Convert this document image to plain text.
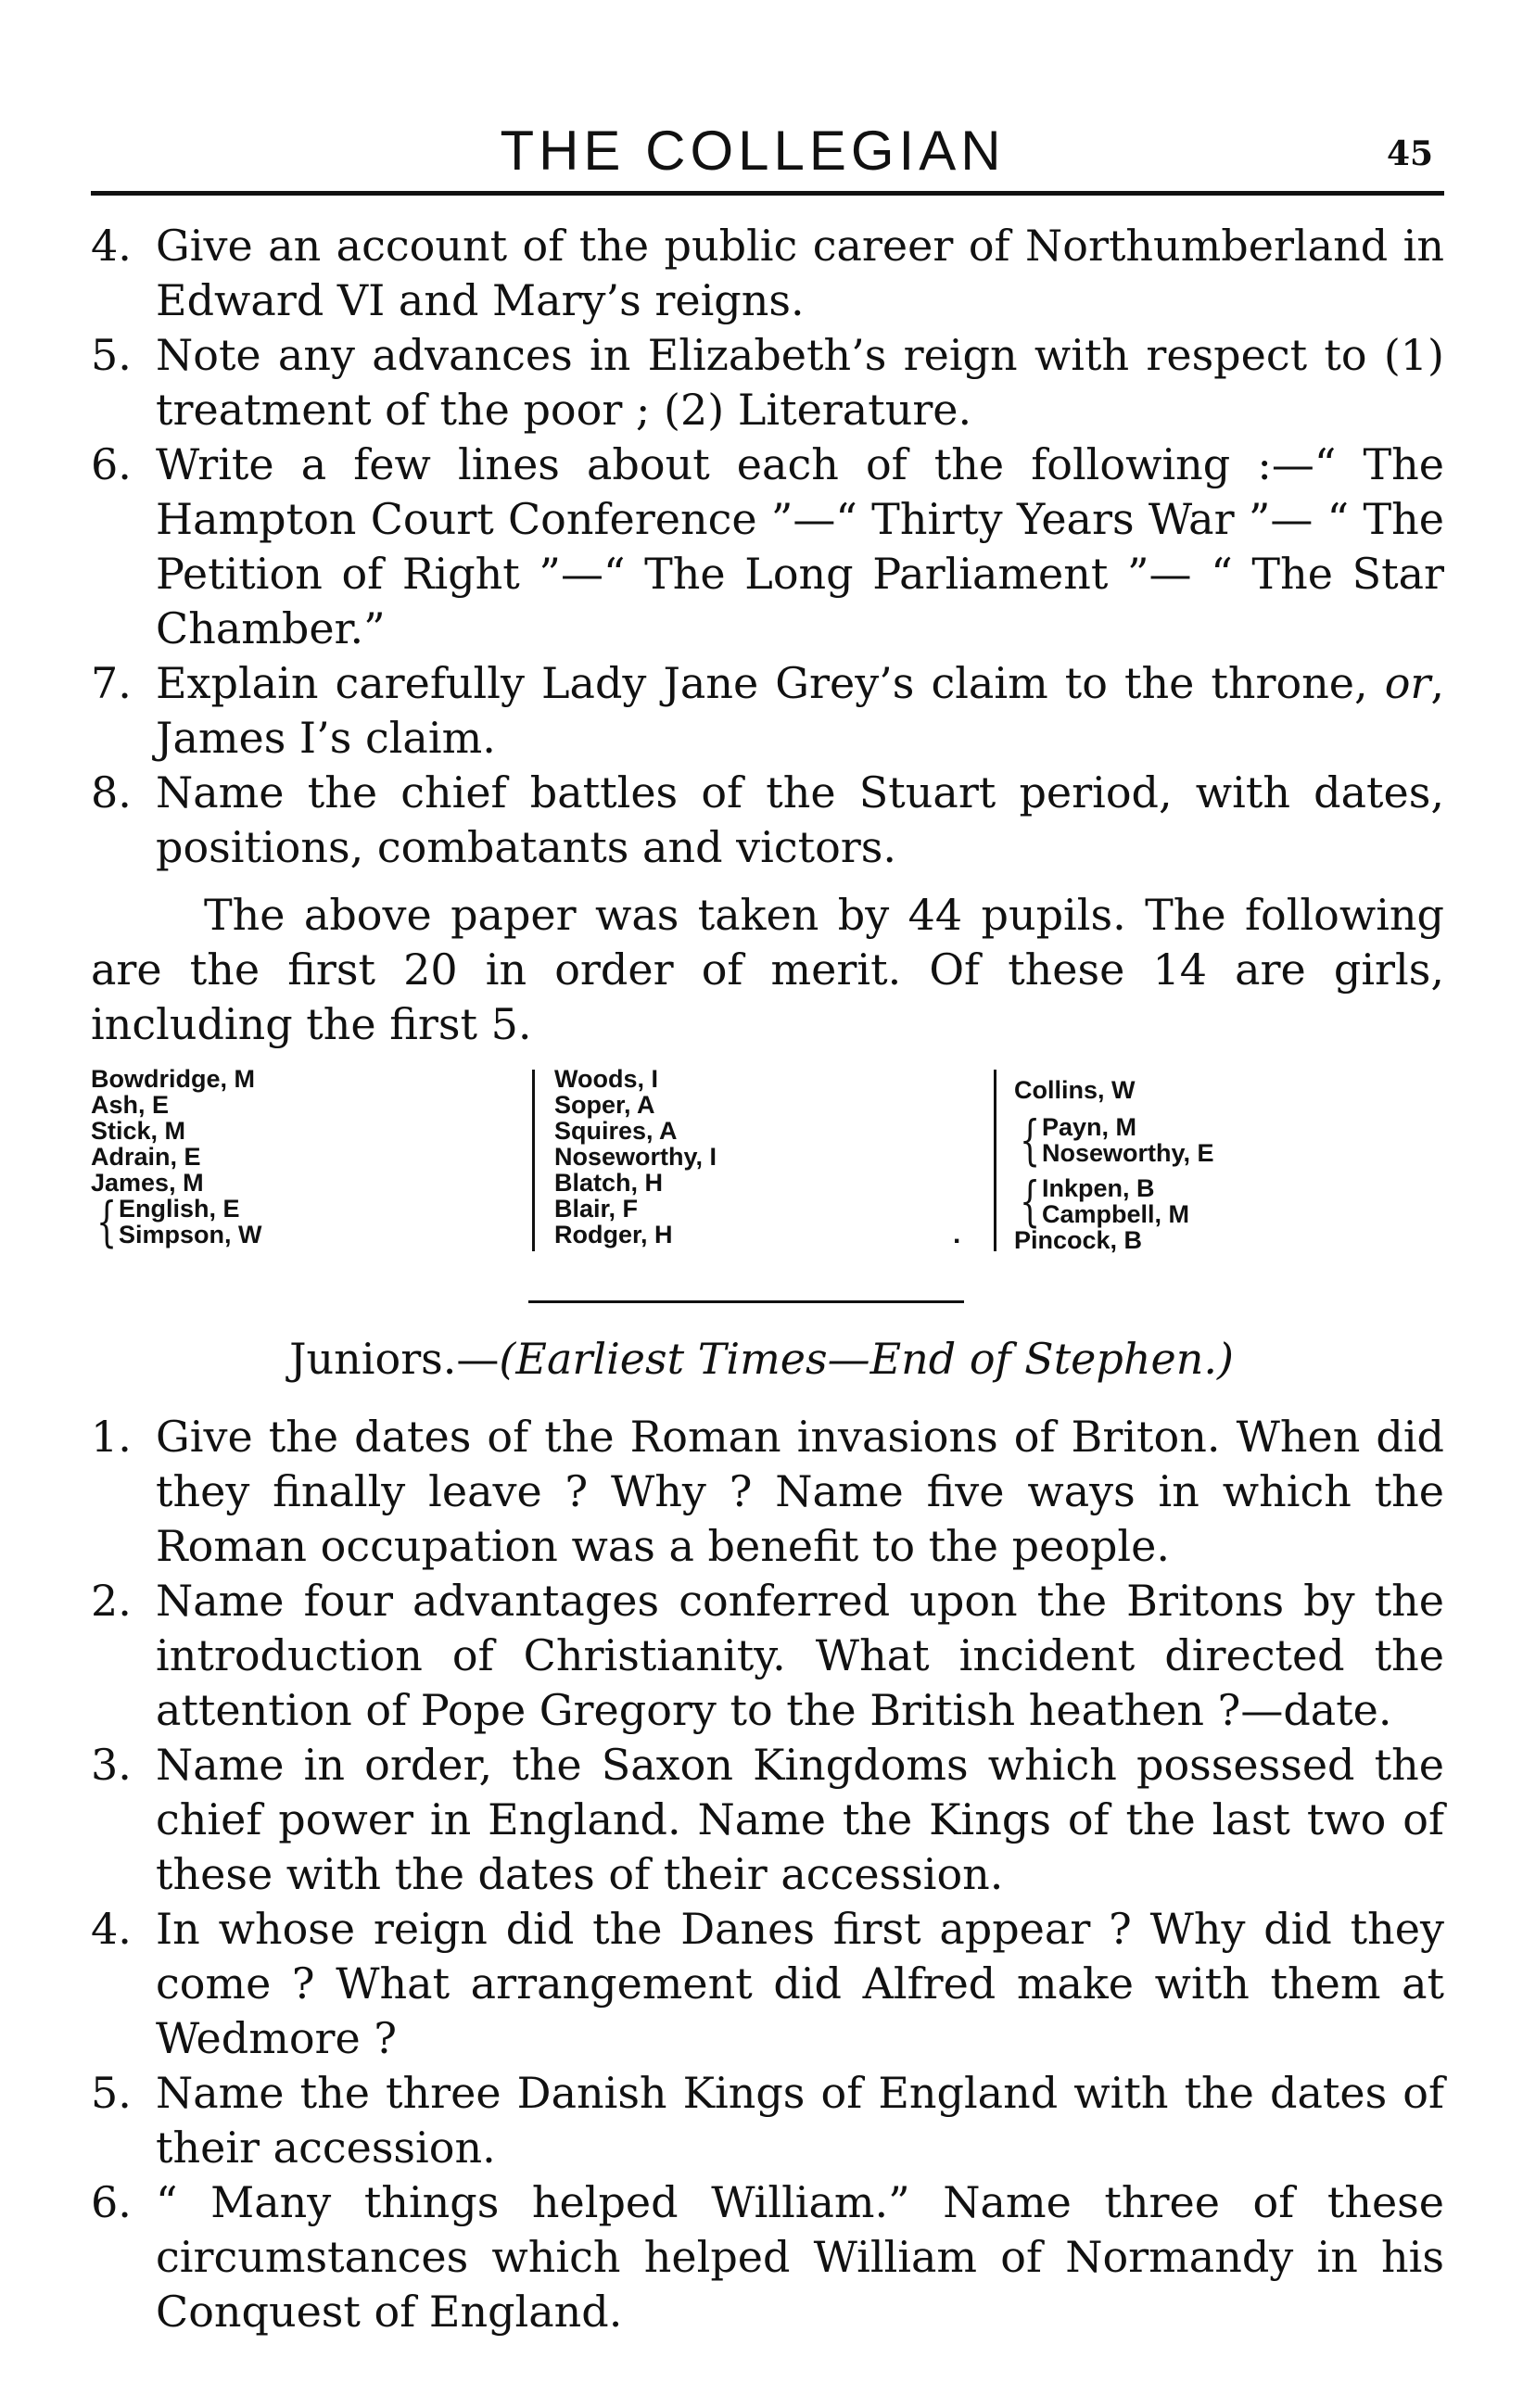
THE COLLEGIAN	45

4. Give an account of the public career of Northumberland in Edward VI and Mary’s reigns.

5. Note any advances in Elizabeth’s reign with respect to (1) treatment of the poor ; (2) Literature.

6. Write a few lines about each of the following :—“ The Hampton Court Conference ”—“ Thirty Years War ”— “ The Petition of Right ”—“ The Long Parliament ”— “ The Star Chamber.”

7. Explain carefully Lady Jane Grey’s claim to the throne, or, James I’s claim.

8. Name the chief battles of the Stuart period, with dates, positions, combatants and victors.

The above paper was taken by 44 pupils. The following are the first 20 in order of merit. Of these 14 are girls, including the first 5.

Bowdridge, M
Ash, E
Stick, M
Adrain, E
James, M
English, E
Simpson, W
{
Woods, I
Soper, A
Squires, A
Noseworthy, I
Blatch, H
Blair, F
Rodger, H	.
Collins, W
Payn, M
Noseworthy, E
Inkpen, B
Campbell, M
Pincock, B
{
{
Juniors.—(Earliest Times—End of Stephen.)

1. Give the dates of the Roman invasions of Briton. When did they finally leave ? Why ? Name five ways in which the Roman occupation was a benefit to the people.

2. Name four advantages conferred upon the Britons by the introduction of Christianity. What incident directed the attention of Pope Gregory to the British heathen ?—date.

3. Name in order, the Saxon Kingdoms which possessed the chief power in England. Name the Kings of the last two of these with the dates of their accession.

4. In whose reign did the Danes first appear ? Why did they come ? What arrangement did Alfred make with them at Wedmore ?

5. Name the three Danish Kings of England with the dates of their accession.

6. “ Many things helped William.” Name three of these circumstances which helped William of Normandy in his Conquest of England.
